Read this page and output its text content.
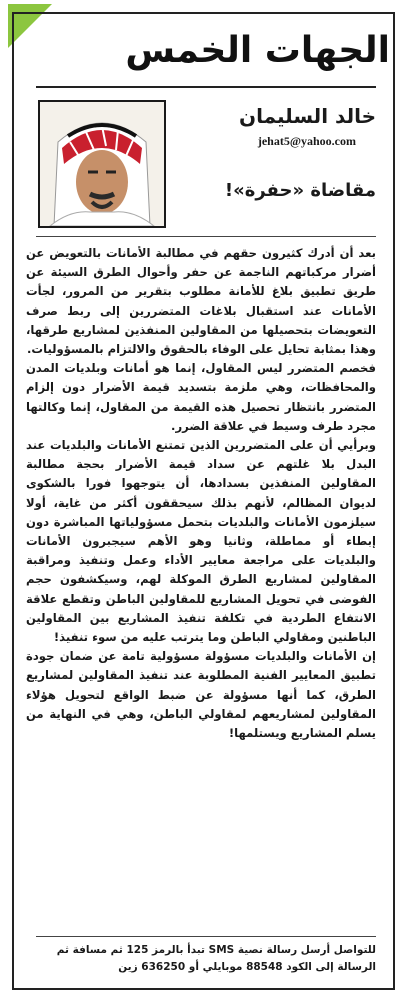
الجهات الخمس
خالد السليمان
jehat5@yahoo.com
مقاضاة «حفرة»!

بعد أن أدرك كثيرون حقهم في مطالبة الأمانات بالتعويض عن أضرار مركباتهم الناجمة عن حفر وأحوال الطرق السيئة عن طريق تطبيق بلاغ للأمانة مطلوب بتقرير من المرور، لجأت الأمانات عند استقبال بلاغات المتضررين إلى ربط صرف التعويضات بتحصيلها من المقاولين المنفذين لمشاريع طرقها، وهذا بمثابة تحايل على الوفاء بالحقوق والالتزام بالمسؤوليات.

فخصم المتضرر ليس المقاول، إنما هو أمانات وبلديات المدن والمحافظات، وهي ملزمة بتسديد قيمة الأضرار دون إلزام المتضرر بانتظار تحصيل هذه القيمة من المقاول، إنما وكالتها مجرد طرف وسيط في علاقة الضرر.

وبرأيي أن على المتضررين الذين تمتنع الأمانات والبلديات عند البدل بلا غلتهم عن سداد قيمة الأضرار بحجة مطالبة المقاولين المنفذين بسدادها، أن يتوجهوا فورا بالشكوى لديوان المظالم، لأنهم بذلك سيحققون أكثر من غاية، أولا سيلزمون الأمانات والبلديات بتحمل مسؤولياتها المباشرة دون إبطاء أو مماطلة، وثانيا وهو الأهم سيجبرون الأمانات والبلديات على مراجعة معايير الأداء وعمل وتنفيذ ومراقبة المقاولين لمشاريع الطرق الموكلة لهم، وسيكشفون حجم الفوضى في تحويل المشاريع للمقاولين الباطن وتقطع علاقة الانتفاع الطردية في تكلفة تنفيذ المشاريع بين المقاولين الباطنين ومقاولي الباطن وما يترتب عليه من سوء تنفيذ!

إن الأمانات والبلديات مسؤولة مسؤولية تامة عن ضمان جودة تطبيق المعايير الفنية المطلوبة عند تنفيذ المقاولين لمشاريع الطرق، كما أنها مسؤولة عن ضبط الواقع لتحويل هؤلاء المقاولين لمشاريعهم لمقاولي الباطن، وهي في النهاية من يسلم المشاريع ويستلمها!

للتواصل أرسل رسالة نصية SMS تبدأ بالرمز 125 ثم مسافة ثم الرسالة إلى الكود 88548 موبايلي أو 636250 زين
